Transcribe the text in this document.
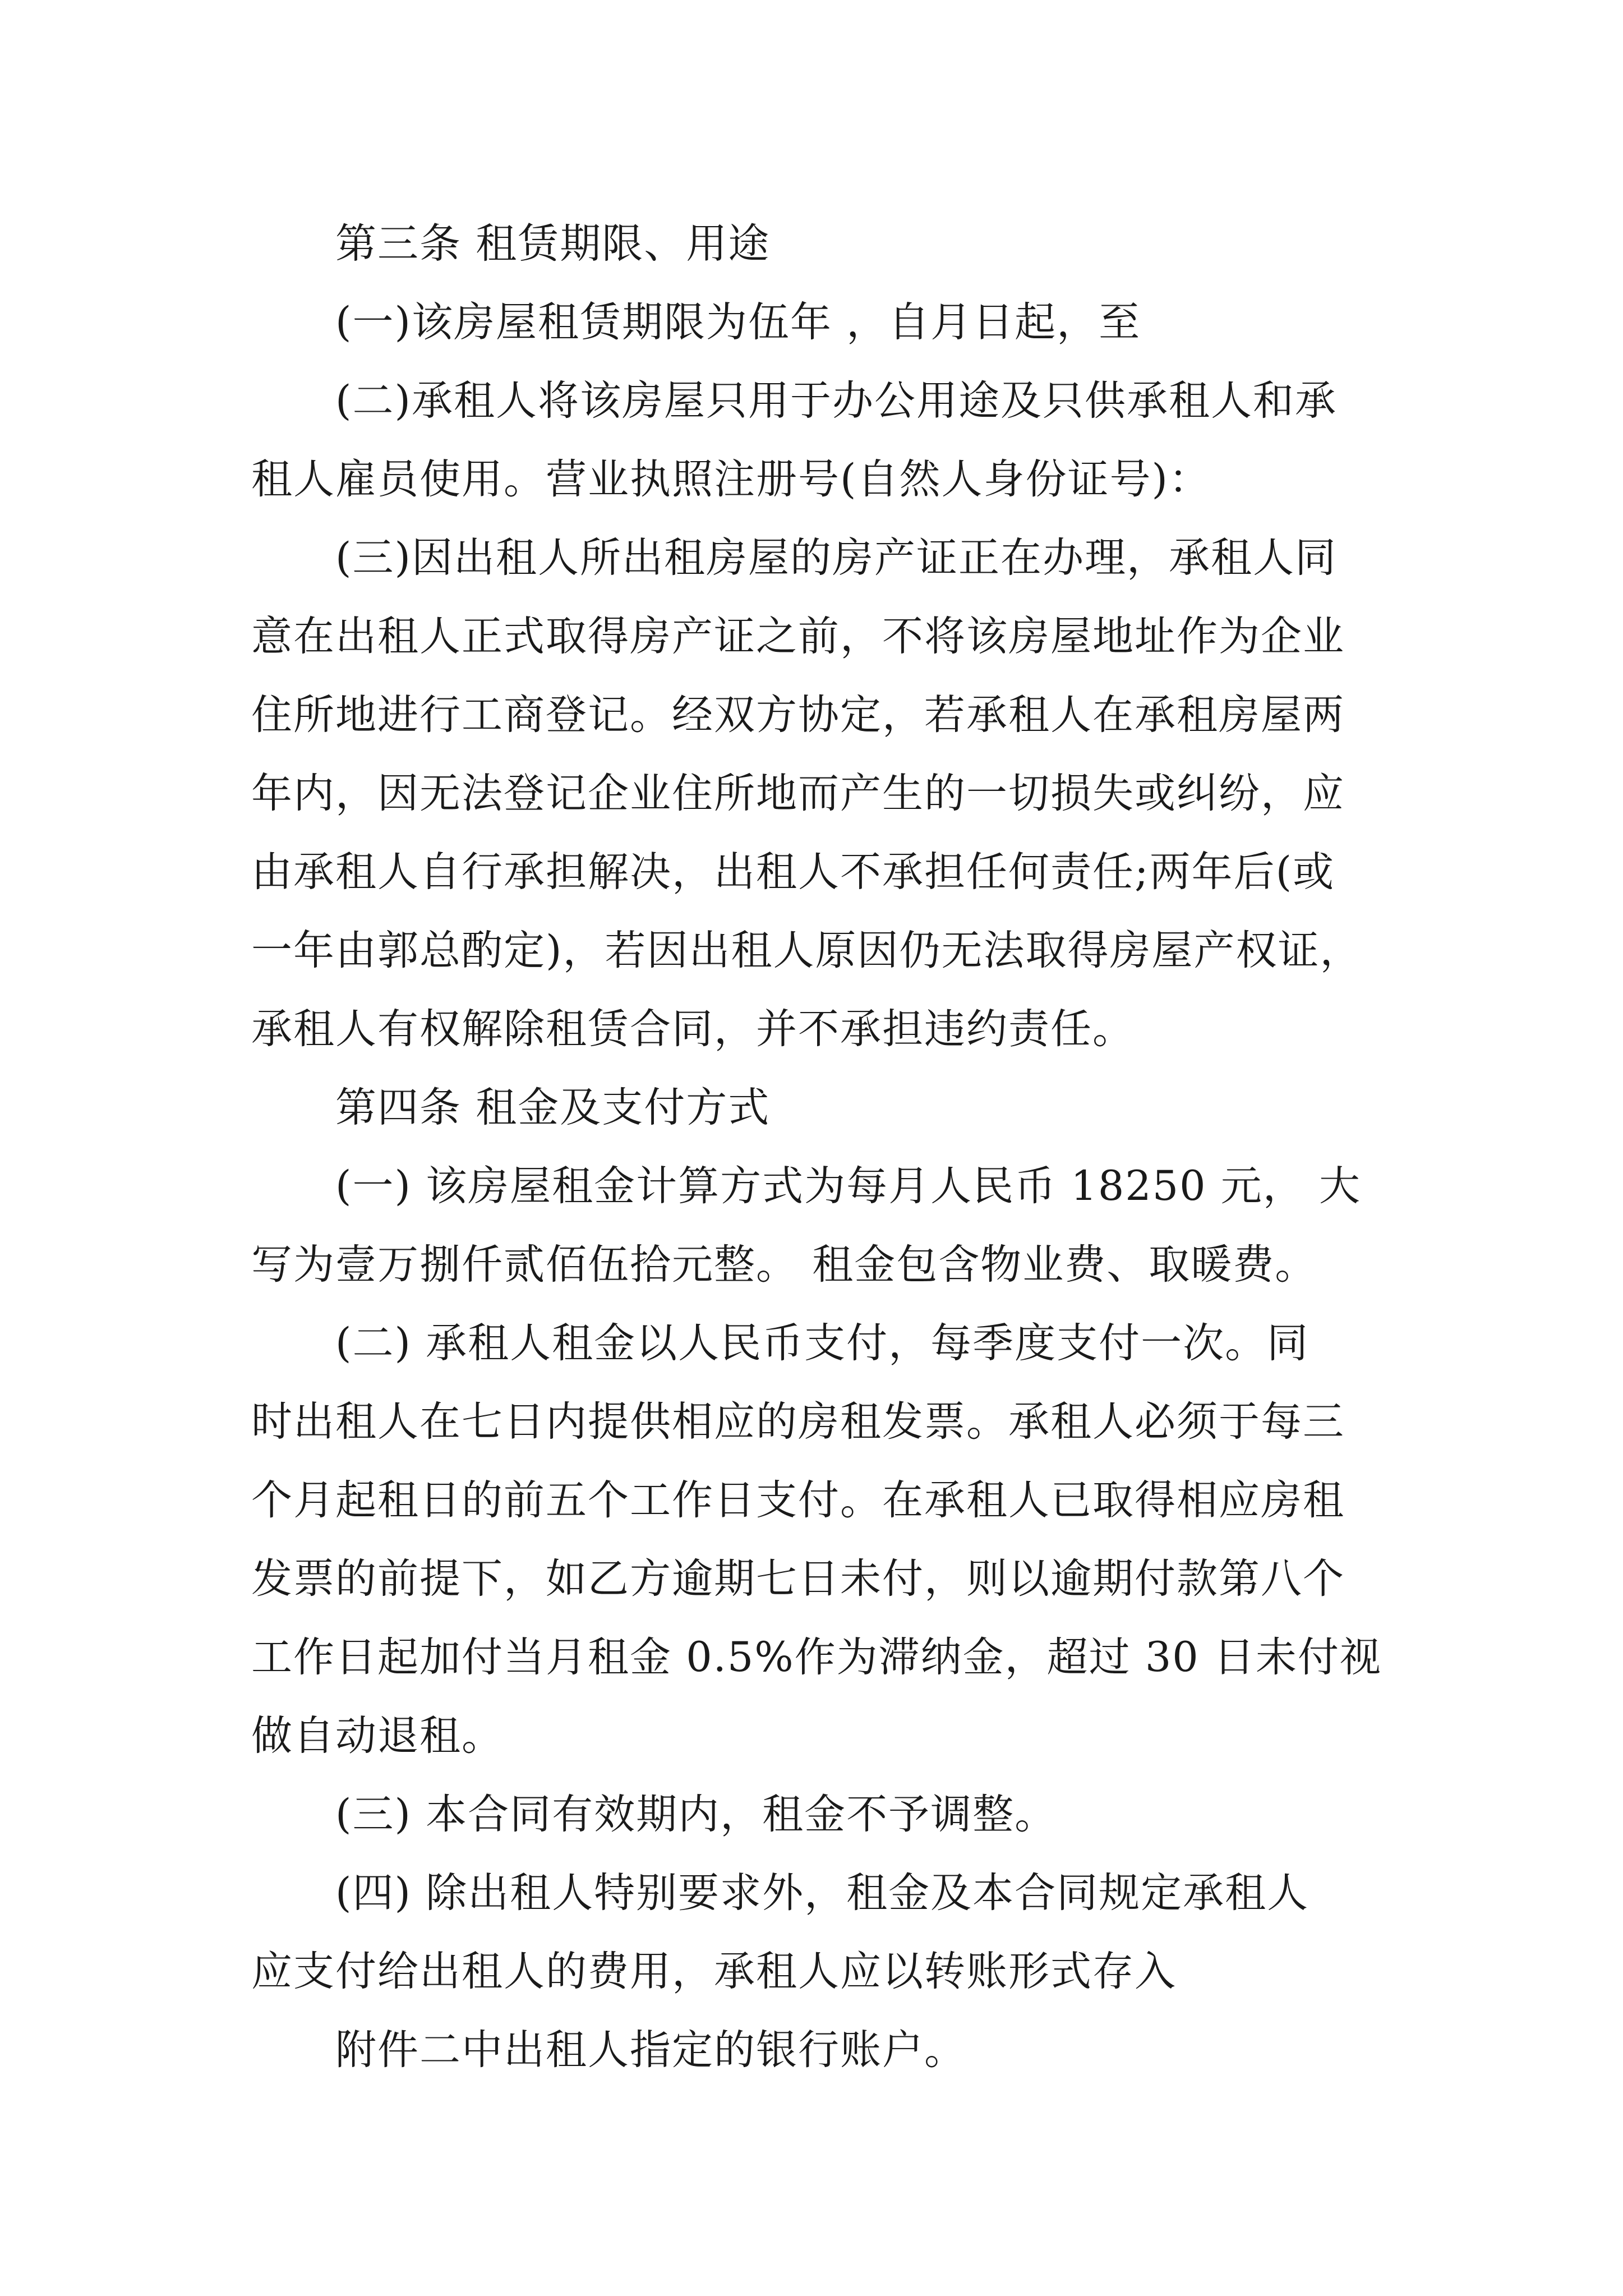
第三条 租赁期限、用途
(一)该房屋租赁期限为伍年 ，自月日起，至
(二)承租人将该房屋只用于办公用途及只供承租人和承
租人雇员使用。营业执照注册号(自然人身份证号)：
(三)因出租人所出租房屋的房产证正在办理，承租人同
意在出租人正式取得房产证之前，不将该房屋地址作为企业
住所地进行工商登记。经双方协定，若承租人在承租房屋两
年内，因无法登记企业住所地而产生的一切损失或纠纷，应
由承租人自行承担解决，出租人不承担任何责任;两年后(或
一年由郭总酌定)，若因出租人原因仍无法取得房屋产权证，
承租人有权解除租赁合同，并不承担违约责任。
第四条 租金及支付方式
(一) 该房屋租金计算方式为每月人民币 18250 元， 大
写为壹万捌仟贰佰伍拾元整。 租金包含物业费、取暖费。
(二) 承租人租金以人民币支付，每季度支付一次。同
时出租人在七日内提供相应的房租发票。承租人必须于每三
个月起租日的前五个工作日支付。在承租人已取得相应房租
发票的前提下，如乙方逾期七日未付，则以逾期付款第八个
工作日起加付当月租金 0.5%作为滞纳金，超过 30 日未付视
做自动退租。
(三) 本合同有效期内，租金不予调整。
(四) 除出租人特别要求外，租金及本合同规定承租人
应支付给出租人的费用，承租人应以转账形式存入
附件二中出租人指定的银行账户。
